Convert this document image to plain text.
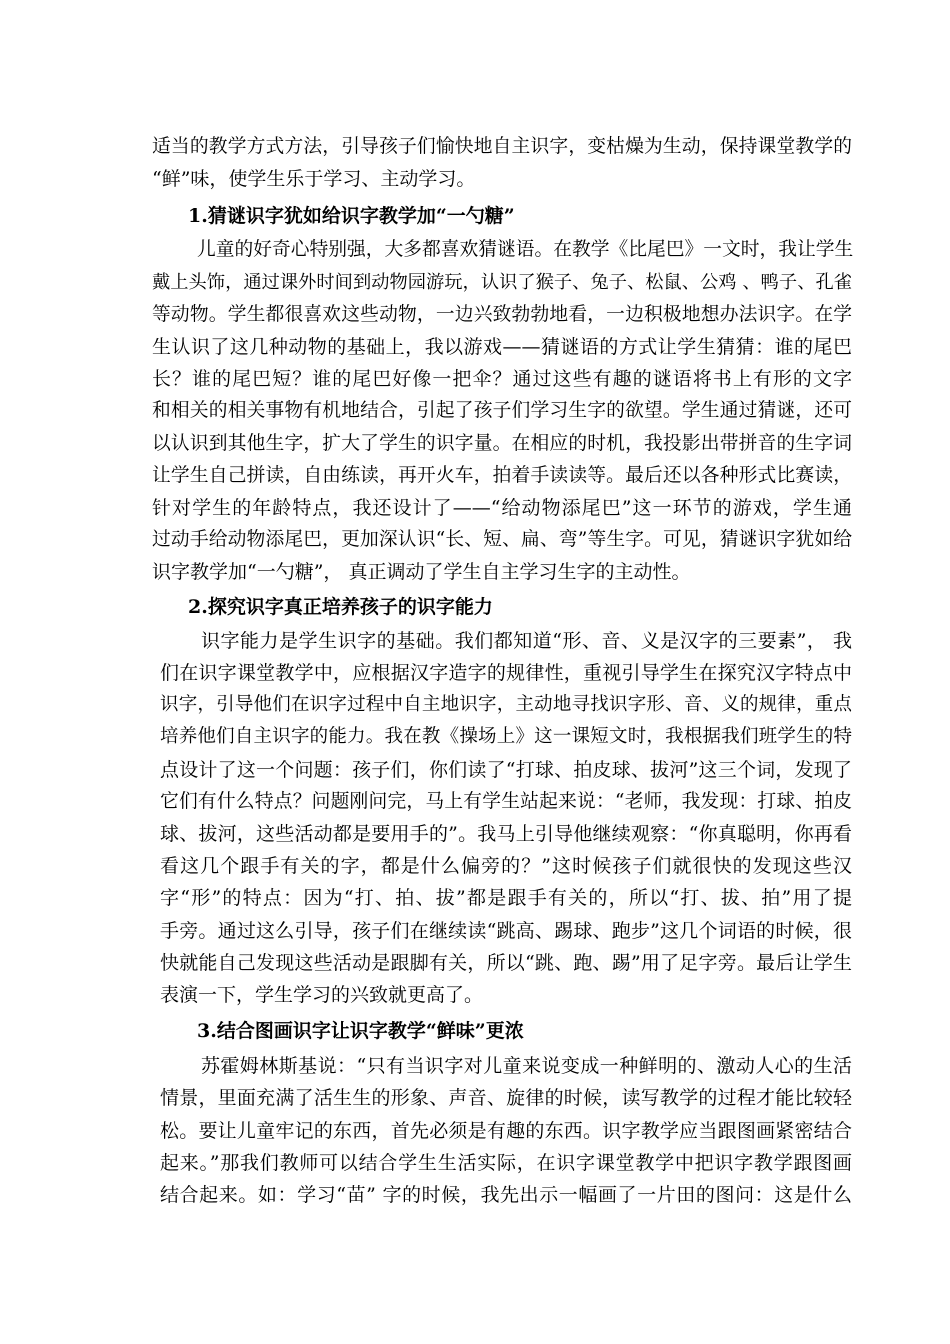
适当的教学方式方法，引导孩子们愉快地自主识字，变枯燥为生动，保持课堂教学的
“鲜”味，使学生乐于学习、主动学习。
1.猜谜识字犹如给识字教学加“一勺糖”
儿童的好奇心特别强，大多都喜欢猜谜语。在教学《比尾巴》一文时，我让学生
戴上头饰，通过课外时间到动物园游玩，认识了猴子、兔子、松鼠、公鸡 、鸭子、孔雀
等动物。学生都很喜欢这些动物，一边兴致勃勃地看，一边积极地想办法识字。在学
生认识了这几种动物的基础上，我以游戏——猜谜语的方式让学生猜猜：谁的尾巴
长？谁的尾巴短？谁的尾巴好像一把伞？通过这些有趣的谜语将书上有形的文字
和相关的相关事物有机地结合，引起了孩子们学习生字的欲望。学生通过猜谜，还可
以认识到其他生字，扩大了学生的识字量。在相应的时机，我投影出带拼音的生字词
让学生自己拼读，自由练读，再开火车，拍着手读读等。最后还以各种形式比赛读，
针对学生的年龄特点，我还设计了——“给动物添尾巴”这一环节的游戏，学生通
过动手给动物添尾巴，更加深认识“长、短、扁、弯”等生字。可见，猜谜识字犹如给
识字教学加“一勺糖”， 真正调动了学生自主学习生字的主动性。
2.探究识字真正培养孩子的识字能力
识字能力是学生识字的基础。我们都知道“形、音、义是汉字的三要素”， 我
们在识字课堂教学中，应根据汉字造字的规律性，重视引导学生在探究汉字特点中
识字，引导他们在识字过程中自主地识字，主动地寻找识字形、音、义的规律，重点
培养他们自主识字的能力。我在教《操场上》这一课短文时，我根据我们班学生的特
点设计了这一个问题：孩子们，你们读了“打球、拍皮球、拔河”这三个词，发现了
它们有什么特点？问题刚问完，马上有学生站起来说：“老师，我发现：打球、拍皮
球、拔河，这些活动都是要用手的”。我马上引导他继续观察：“你真聪明，你再看
看这几个跟手有关的字，都是什么偏旁的？”这时候孩子们就很快的发现这些汉
字“形”的特点：因为“打、拍、拔”都是跟手有关的，所以“打、拔、拍”用了提
手旁。通过这么引导，孩子们在继续读“跳高、踢球、跑步”这几个词语的时候，很
快就能自己发现这些活动是跟脚有关，所以“跳、跑、踢”用了足字旁。最后让学生
表演一下，学生学习的兴致就更高了。
3.结合图画识字让识字教学“鲜味”更浓
苏霍姆林斯基说：“只有当识字对儿童来说变成一种鲜明的、激动人心的生活
情景，里面充满了活生生的形象、声音、旋律的时候，读写教学的过程才能比较轻
松。要让儿童牢记的东西，首先必须是有趣的东西。识字教学应当跟图画紧密结合
起来。”那我们教师可以结合学生生活实际，在识字课堂教学中把识字教学跟图画
结合起来。如：学习“苗” 字的时候，我先出示一幅画了一片田的图问：这是什么
